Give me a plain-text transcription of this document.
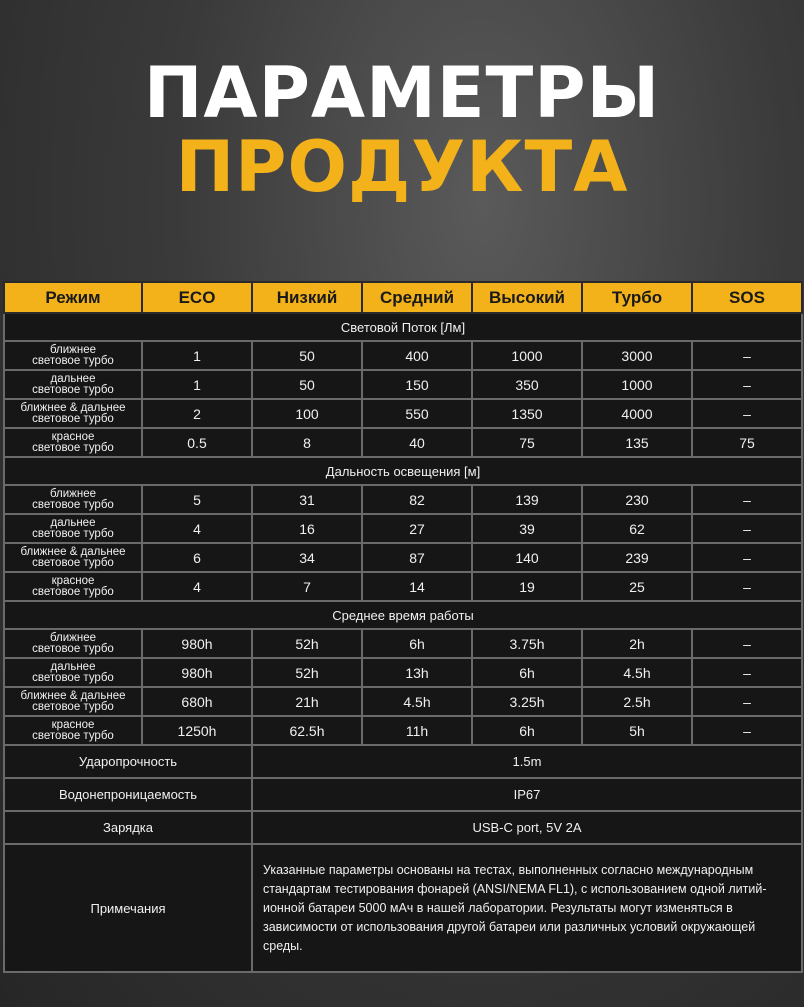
ПАРАМЕТРЫ
ПРОДУКТА
Режим	ECO	Низкий	Средний	Высокий	Турбо	SOS
Световой Поток [Лм]						

ближнее
световое турбо	1	50	400	1000	3000	–

дальнее
световое турбо	1	50	150	350	1000	–

ближнее & дальнее
световое турбо	2	100	550	1350	4000	–

красное
световое турбо	0.5	8	40	75	135	75
Дальность освещения [м]						

ближнее
световое турбо	5	31	82	139	230	–

дальнее
световое турбо	4	16	27	39	62	–

ближнее & дальнее
световое турбо	6	34	87	140	239	–

красное
световое турбо	4	7	14	19	25	–
Среднее время работы						

ближнее
световое турбо	980h	52h	6h	3.75h	2h	–

дальнее
световое турбо	980h	52h	13h	6h	4.5h	–

ближнее & дальнее
световое турбо	680h	21h	4.5h	3.25h	2.5h	–

красное
световое турбо	1250h	62.5h	11h	6h	5h	–
Ударопрочность		1.5m				
Водонепроницаемость		IP67				
Зарядка		USB-C port, 5V 2A				
Примечания		Указанные параметры основаны на тестах, выполненных согласно международным стандартам тестирования фонарей (ANSI/NEMA FL1), с использованием одной литий-ионной батареи 5000 мАч в нашей лаборатории. Результаты могут изменяться в зависимости от использования другой батареи или различных условий окружающей среды.				
